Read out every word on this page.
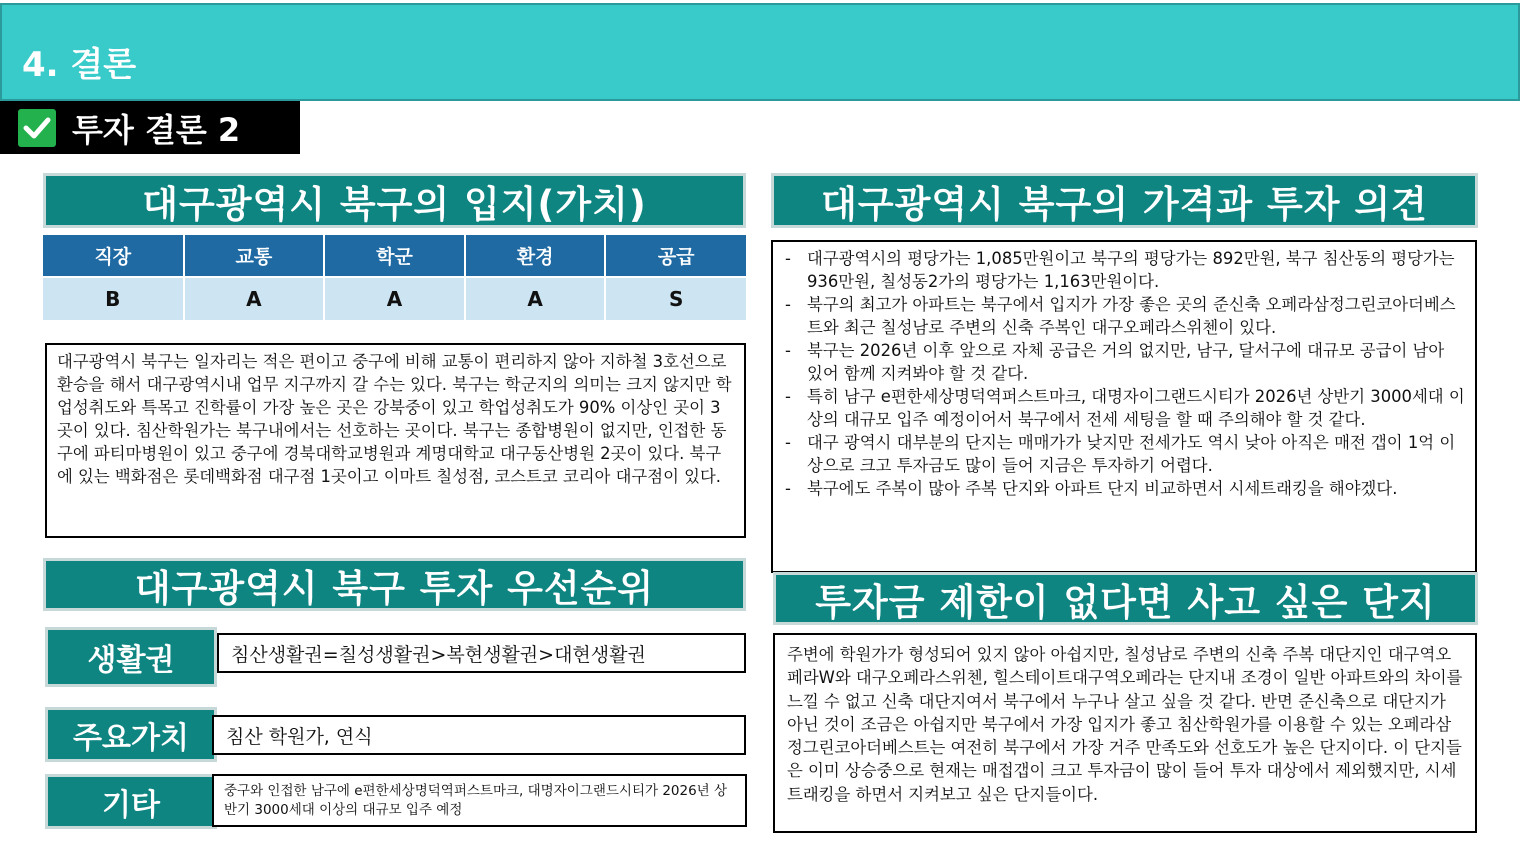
4. 결론
투자 결론 2
대구광역시 북구의 입지(가치)
직장	교통	학군	환경	공급
B	A	A	A	S
대구광역시 북구는 일자리는 적은 편이고 중구에 비해 교통이 편리하지 않아 지하철 3호선으로 환승을 해서 대구광역시내 업무 지구까지 갈 수는 있다. 북구는 학군지의 의미는 크지 않지만 학업성취도와 특목고 진학률이 가장 높은 곳은 강북중이 있고 학업성취도가 90% 이상인 곳이 3곳이 있다. 침산학원가는 북구내에서는 선호하는 곳이다. 북구는 종합병원이 없지만, 인접한 동구에 파티마병원이 있고 중구에 경북대학교병원과 계명대학교 대구동산병원 2곳이 있다. 북구에 있는 백화점은 롯데백화점 대구점 1곳이고 이마트 칠성점, 코스트코 코리아 대구점이 있다.
대구광역시 북구의 가격과 투자 의견
- 대구광역시의 평당가는 1,085만원이고 북구의 평당가는 892만원, 북구 침산동의 평당가는 936만원, 칠성동2가의 평당가는 1,163만원이다.
- 북구의 최고가 아파트는 북구에서 입지가 가장 좋은 곳의 준신축 오페라삼정그린코아더베스트와 최근 칠성남로 주변의 신축 주복인 대구오페라스위첸이 있다.
- 북구는 2026년 이후 앞으로 자체 공급은 거의 없지만, 남구, 달서구에 대규모 공급이 남아 있어 함께 지켜봐야 할 것 같다.
- 특히 남구 e편한세상명덕역퍼스트마크, 대명자이그랜드시티가 2026년 상반기 3000세대 이상의 대규모 입주 예정이어서 북구에서 전세 세팅을 할 때 주의해야 할 것 같다.
- 대구 광역시 대부분의 단지는 매매가가 낮지만 전세가도 역시 낮아 아직은 매전 갭이 1억 이상으로 크고 투자금도 많이 들어 지금은 투자하기 어렵다.
- 북구에도 주복이 많아 주복 단지와 아파트 단지 비교하면서 시세트래킹을 해야겠다.
대구광역시 북구 투자 우선순위
생활권	침산생활권=칠성생활권>복현생활권>대현생활권
주요가치	침산 학원가, 연식
기타	중구와 인접한 남구에 e편한세상명덕역퍼스트마크, 대명자이그랜드시티가 2026년 상반기 3000세대 이상의 대규모 입주 예정
투자금 제한이 없다면 사고 싶은 단지
주변에 학원가가 형성되어 있지 않아 아쉽지만, 칠성남로 주변의 신축 주복 대단지인 대구역오페라W와 대구오페라스위첸, 힐스테이트대구역오페라는 단지내 조경이 일반 아파트와의 차이를 느낄 수 없고 신축 대단지여서 북구에서 누구나 살고 싶을 것 같다. 반면 준신축으로 대단지가 아닌 것이 조금은 아쉽지만 북구에서 가장 입지가 좋고 침산학원가를 이용할 수 있는 오페라삼정그린코아더베스트는 여전히 북구에서 가장 거주 만족도와 선호도가 높은 단지이다. 이 단지들은 이미 상승중으로 현재는 매접갭이 크고 투자금이 많이 들어 투자 대상에서 제외했지만, 시세트래킹을 하면서 지켜보고 싶은 단지들이다.
